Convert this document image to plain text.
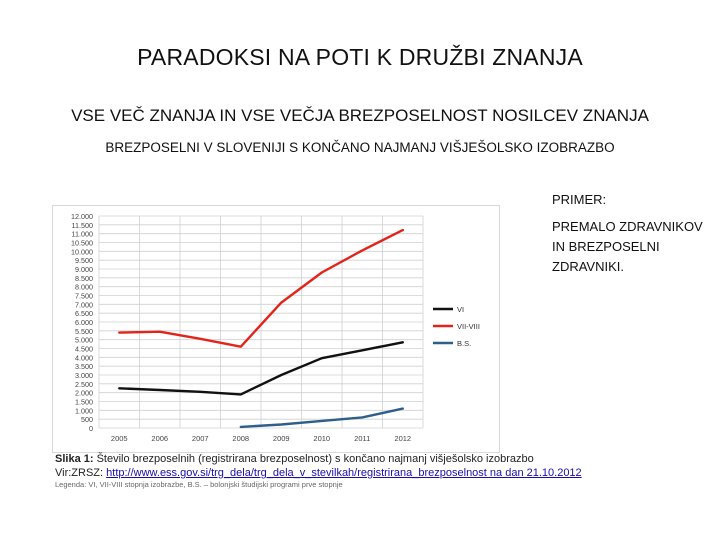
PARADOKSI NA POTI K DRUŽBI ZNANJA
VSE VEČ ZNANJA IN VSE VEČJA BREZPOSELNOST NOSILCEV ZNANJA
BREZPOSELNI V SLOVENIJI S KONČANO NAJMANJ VIŠJEŠOLSKO IZOBRAZBO
PRIMER:
PREMALO ZDRAVNIKOV IN BREZPOSELNI ZDRAVNIKI.
0
500
1.000
1.500
2.000
2.500
3.000
3.500
4.000
4.500
5.000
5.500
6.000
6.500
7.000
7.500
8.000
8.500
9.000
9.500
10.000
10.500
11.000
11.500
12.000
2005	2006	2007	2008	2009	2010	2011	2012
VI
VII-VIII
B.S.
Slika 1: Število brezposelnih (registrirana brezposelnost) s končano najmanj višješolsko izobrazbo
Vir:ZRSZ: http://www.ess.gov.si/trg_dela/trg_dela_v_stevilkah/registrirana_brezposelnost na dan 21.10.2012
Legenda: VI, VII-VIII stopnja izobrazbe, B.S. – bolonjski študijski programi prve stopnje
